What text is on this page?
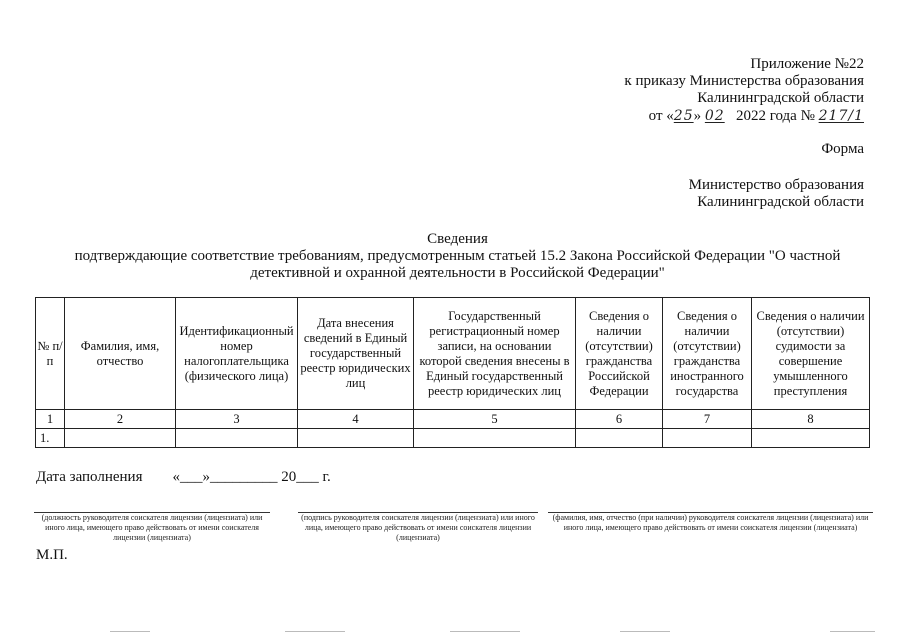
Приложение №22
к приказу Министерства образования
Калининградской области
от «25» 02 2022 года № 217/1
Форма
Министерство образования
Калининградской области
Сведения
подтверждающие соответствие требованиям, предусмотренным статьей 15.2 Закона Российской Федерации "О частной
детективной и охранной деятельности в Российской Федерации"
№ п/п	Фамилия, имя, отчество	Идентификационный номер налогоплательщика (физического лица)	Дата внесения сведений в Единый государственный реестр юридических лиц	Государственный регистрационный номер записи, на основании которой сведения внесены в Единый государственный реестр юридических лиц	Сведения о наличии (отсутствии) гражданства Российской Федерации	Сведения о наличии (отсутствии) гражданства иностранного государства	Сведения о наличии (отсутствии) судимости за совершение умышленного преступления
1	2	3	4	5	6	7	8
1.							
Дата заполнения        «___»_________ 20___ г.
(должность руководителя соискателя лицензии (лицензиата) или иного лица, имеющего право действовать от имени соискателя лицензии (лицензиата)
(подпись руководителя соискателя лицензии (лицензиата) или иного лица, имеющего право действовать от имени соискателя лицензии (лицензиата)
(фамилия, имя, отчество (при наличии) руководителя соискателя лицензии (лицензиата) или иного лица, имеющего право действовать от имени соискателя лицензии (лицензиата)
М.П.
